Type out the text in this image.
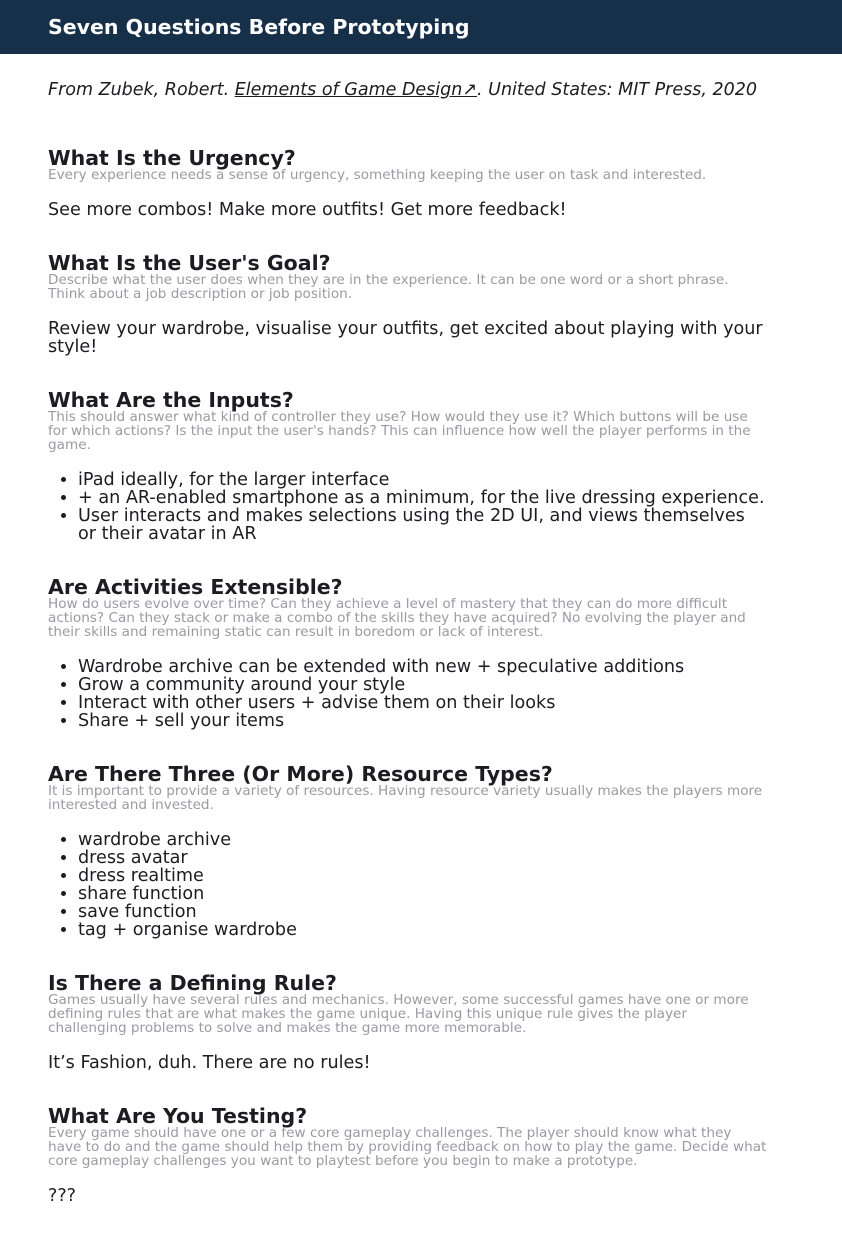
Seven Questions Before Prototyping

From Zubek, Robert. Elements of Game Design↗. United States: MIT Press, 2020

What Is the Urgency?

Every experience needs a sense of urgency, something keeping the user on task and interested.

See more combos! Make more outfits! Get more feedback!

What Is the User's Goal?

Describe what the user does when they are in the experience. It can be one word or a short phrase. Think about a job description or job position.

Review your wardrobe, visualise your outfits, get excited about playing with your style!

What Are the Inputs?

This should answer what kind of controller they use? How would they use it? Which buttons will be use for which actions? Is the input the user's hands? This can influence how well the player performs in the game.

• iPad ideally, for the larger interface
• + an AR-enabled smartphone as a minimum, for the live dressing experience.
• User interacts and makes selections using the 2D UI, and views themselves or their avatar in AR
Are Activities Extensible?

How do users evolve over time? Can they achieve a level of mastery that they can do more difficult actions? Can they stack or make a combo of the skills they have acquired? No evolving the player and their skills and remaining static can result in boredom or lack of interest.

• Wardrobe archive can be extended with new + speculative additions
• Grow a community around your style
• Interact with other users + advise them on their looks
• Share + sell your items
Are There Three (Or More) Resource Types?

It is important to provide a variety of resources. Having resource variety usually makes the players more interested and invested.

• wardrobe archive
• dress avatar
• dress realtime
• share function
• save function
• tag + organise wardrobe
Is There a Defining Rule?

Games usually have several rules and mechanics. However, some successful games have one or more defining rules that are what makes the game unique. Having this unique rule gives the player challenging problems to solve and makes the game more memorable.

It’s Fashion, duh. There are no rules!

What Are You Testing?

Every game should have one or a few core gameplay challenges. The player should know what they have to do and the game should help them by providing feedback on how to play the game. Decide what core gameplay challenges you want to playtest before you begin to make a prototype.

???
